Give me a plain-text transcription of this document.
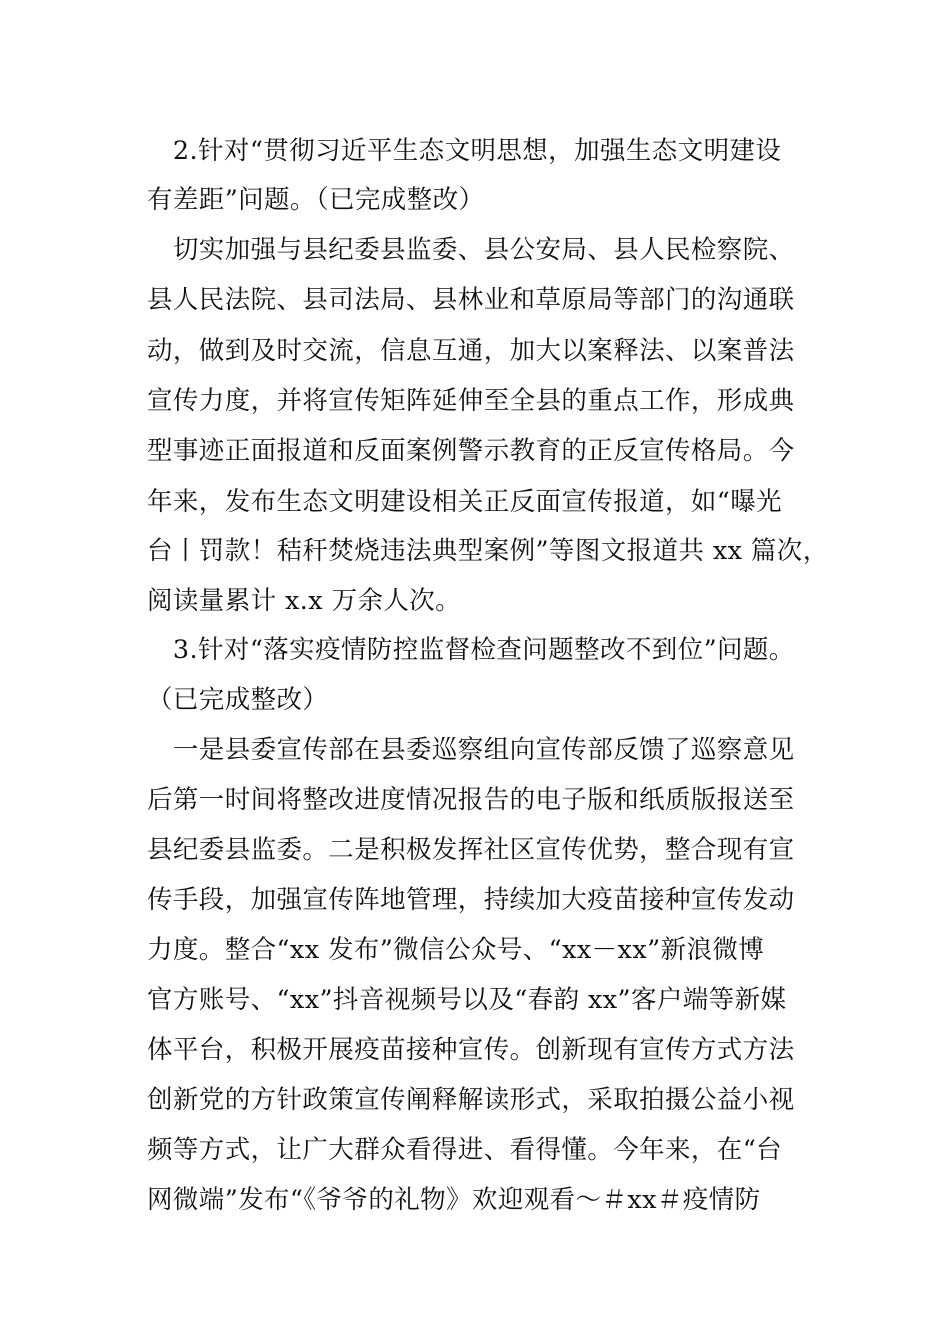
　2.针对“贯彻习近平生态文明思想，加强生态文明建设
有差距”问题。（已完成整改）
　切实加强与县纪委县监委、县公安局、县人民检察院、
县人民法院、县司法局、县林业和草原局等部门的沟通联
动，做到及时交流，信息互通，加大以案释法、以案普法
宣传力度，并将宣传矩阵延伸至全县的重点工作，形成典
型事迹正面报道和反面案例警示教育的正反宣传格局。今
年来，发布生态文明建设相关正反面宣传报道，如“曝光
台丨罚款！秸秆焚烧违法典型案例”等图文报道共 xx 篇次，
阅读量累计 x.x 万余人次。
　3.针对“落实疫情防控监督检查问题整改不到位”问题。
（已完成整改）
　一是县委宣传部在县委巡察组向宣传部反馈了巡察意见
后第一时间将整改进度情况报告的电子版和纸质版报送至
县纪委县监委。二是积极发挥社区宣传优势，整合现有宣
传手段，加强宣传阵地管理，持续加大疫苗接种宣传发动
力度。整合“xx 发布”微信公众号、“xx－xx”新浪微博
官方账号、“xx”抖音视频号以及“春韵 xx”客户端等新媒
体平台，积极开展疫苗接种宣传。创新现有宣传方式方法
创新党的方针政策宣传阐释解读形式，采取拍摄公益小视
频等方式，让广大群众看得进、看得懂。今年来，在“台
网微端”发布“《爷爷的礼物》欢迎观看～＃xx＃疫情防
